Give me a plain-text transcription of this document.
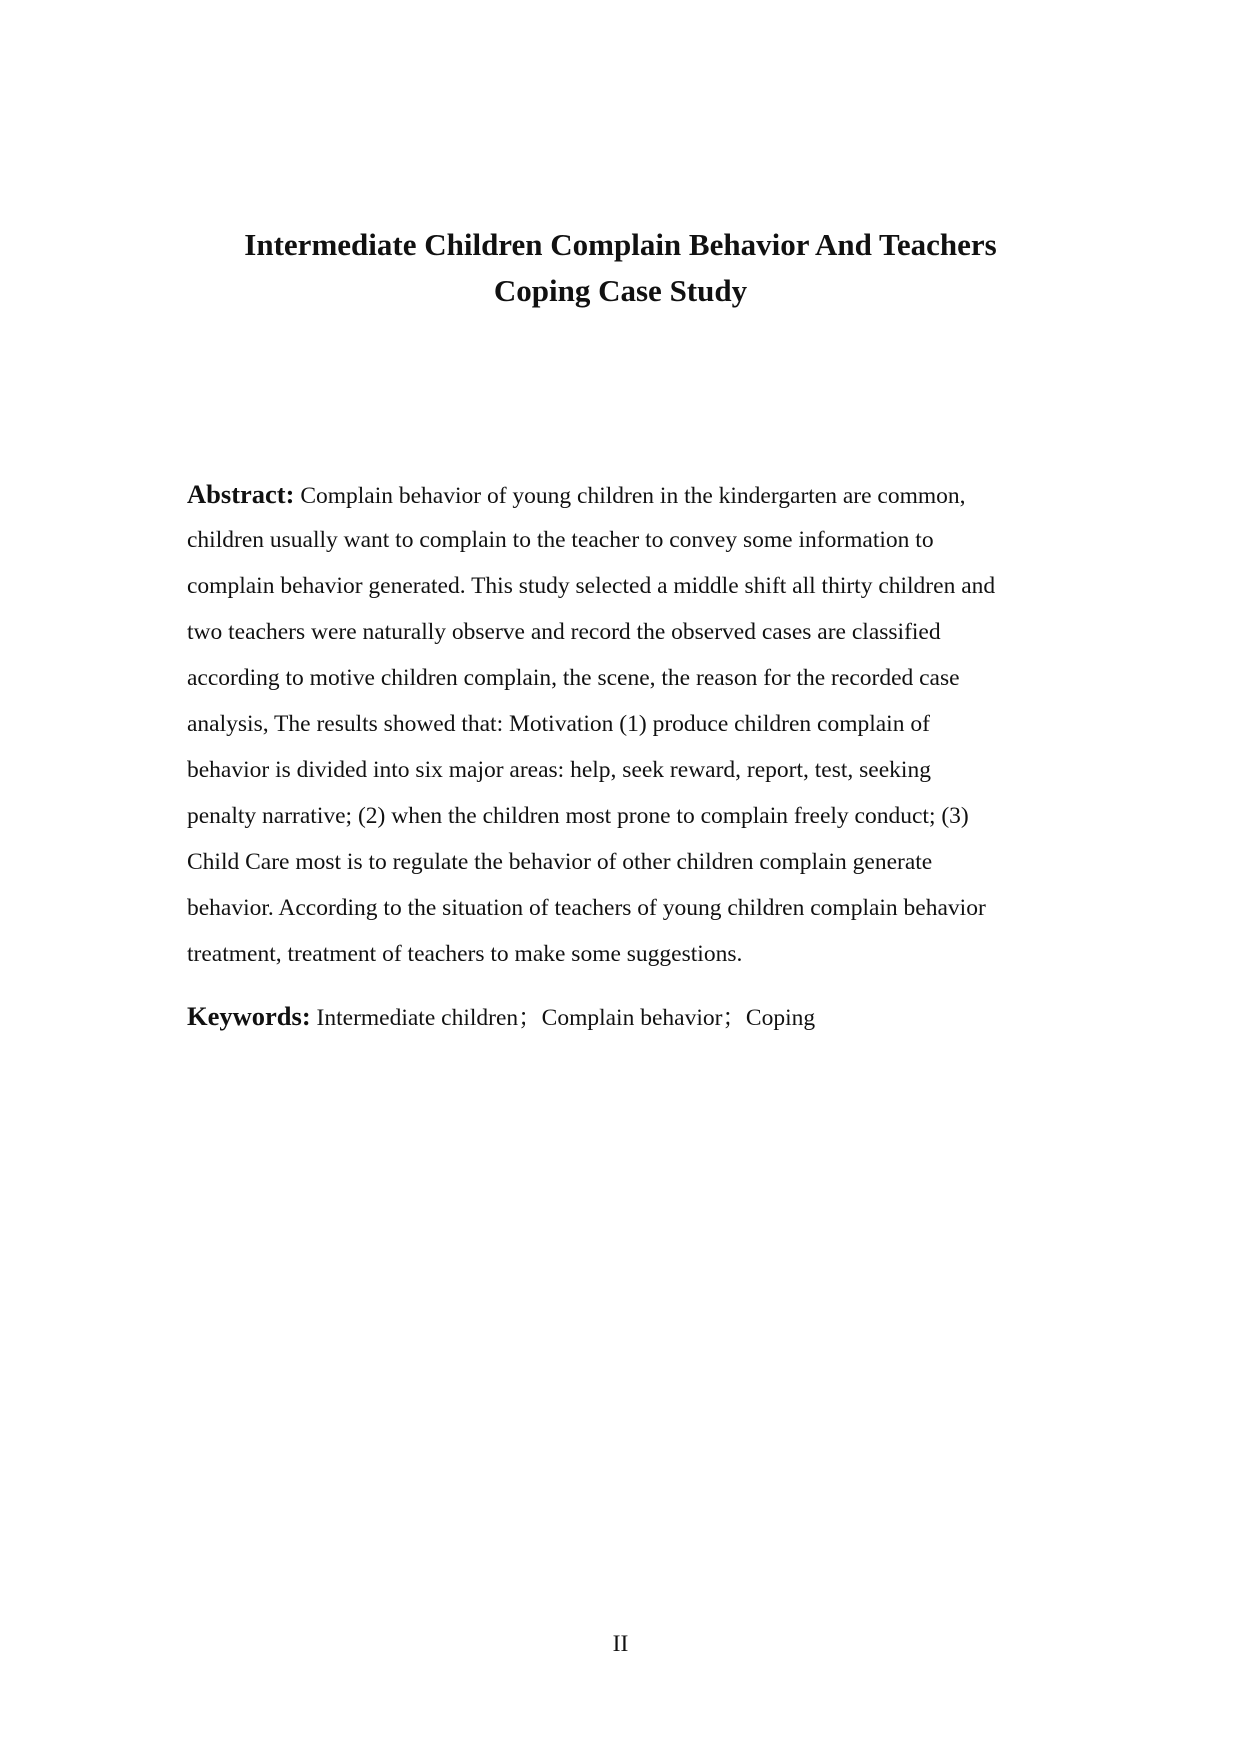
Intermediate Children Complain Behavior And Teachers
Coping Case Study
Abstract: Complain behavior of young children in the kindergarten are common,
children usually want to complain to the teacher to convey some information to
complain behavior generated. This study selected a middle shift all thirty children and
two teachers were naturally observe and record the observed cases are classified
according to motive children complain, the scene, the reason for the recorded case
analysis, The results showed that: Motivation (1) produce children complain of
behavior is divided into six major areas: help, seek reward, report, test, seeking
penalty narrative; (2) when the children most prone to complain freely conduct; (3)
Child Care most is to regulate the behavior of other children complain generate
behavior. According to the situation of teachers of young children complain behavior
treatment, treatment of teachers to make some suggestions.

Keywords: Intermediate children；Complain behavior；Coping

II
